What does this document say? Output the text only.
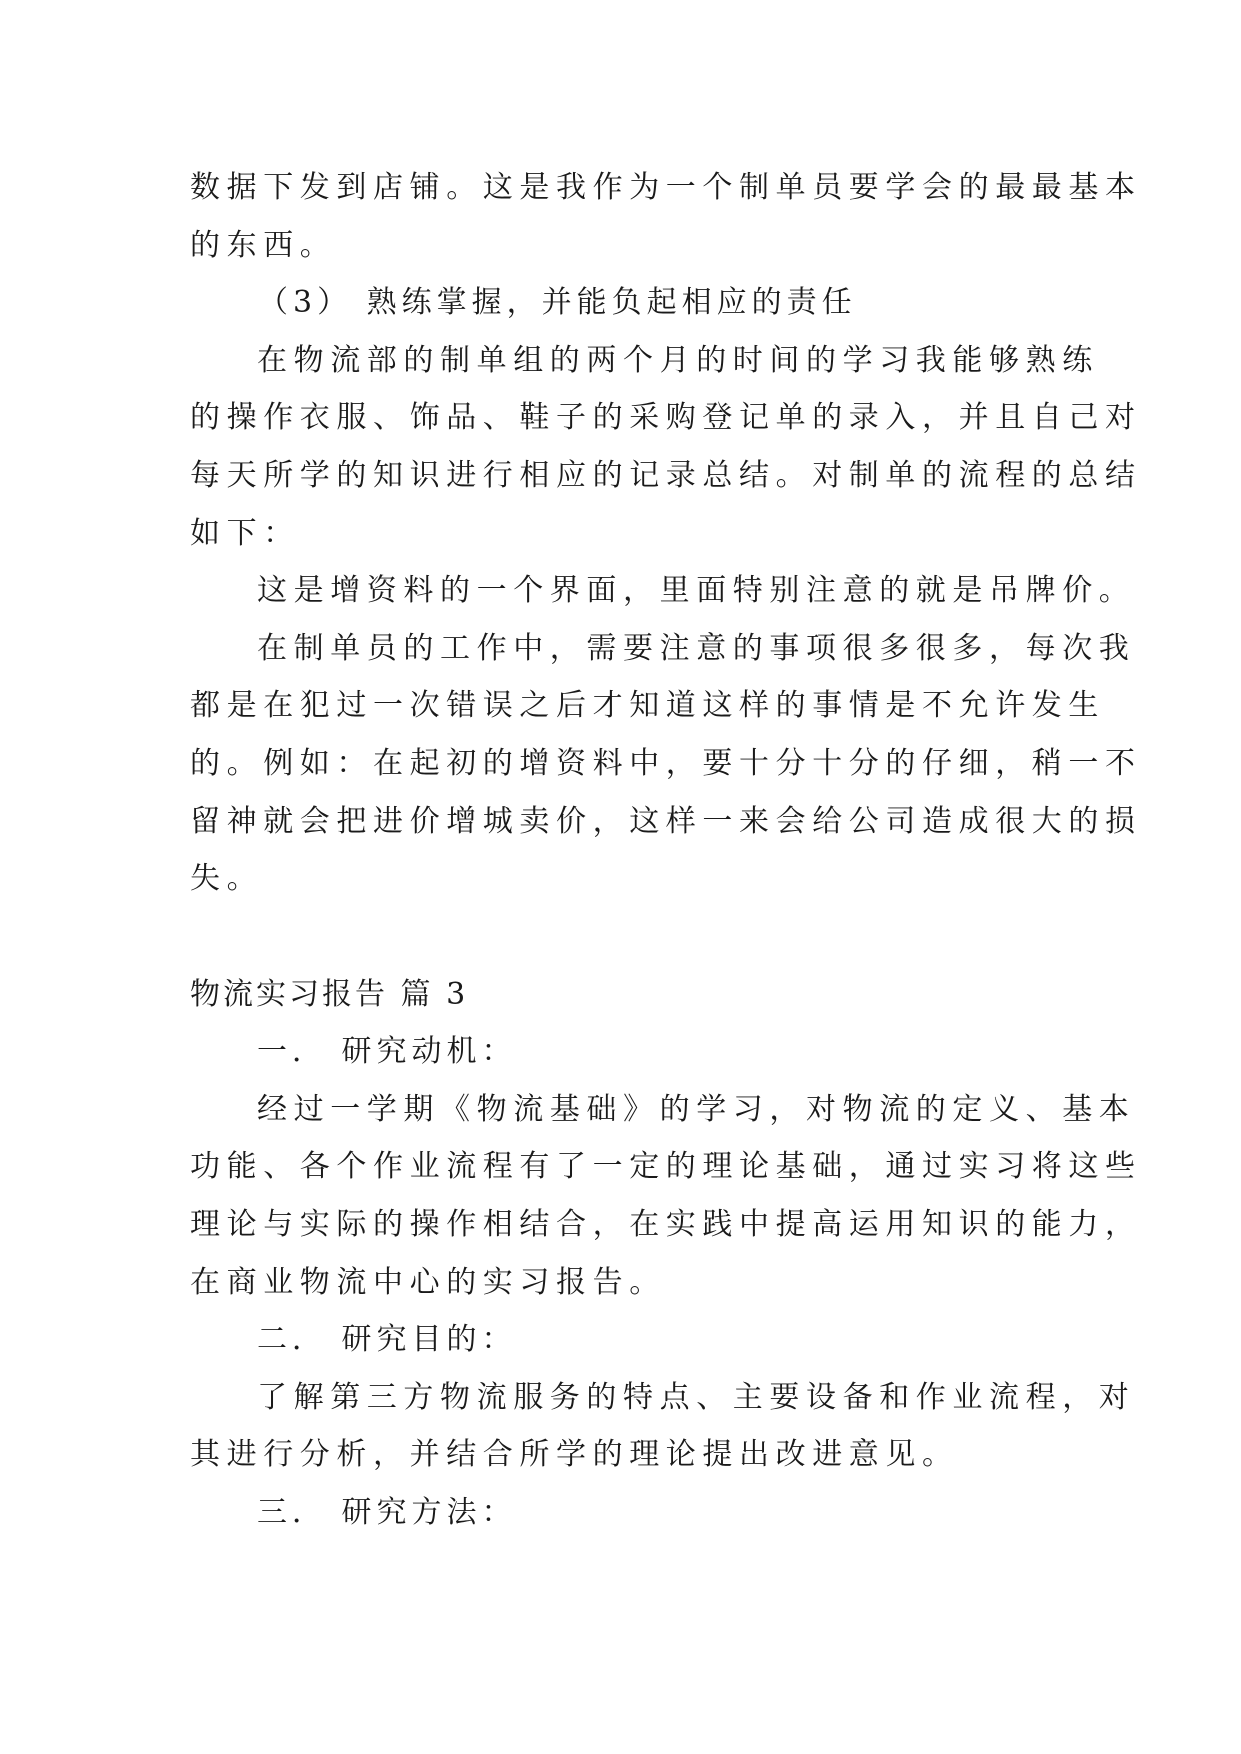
数据下发到店铺。这是我作为一个制单员要学会的最最基本
的东西。
（3） 熟练掌握，并能负起相应的责任
在物流部的制单组的两个月的时间的学习我能够熟练
的操作衣服、饰品、鞋子的采购登记单的录入，并且自己对
每天所学的知识进行相应的记录总结。对制单的流程的总结
如下：
这是增资料的一个界面，里面特别注意的就是吊牌价。
在制单员的工作中，需要注意的事项很多很多，每次我
都是在犯过一次错误之后才知道这样的事情是不允许发生
的。例如：在起初的增资料中，要十分十分的仔细，稍一不
留神就会把进价增城卖价，这样一来会给公司造成很大的损
失。
物流实习报告 篇 3
一． 研究动机：
经过一学期《物流基础》的学习，对物流的定义、基本
功能、各个作业流程有了一定的理论基础，通过实习将这些
理论与实际的操作相结合，在实践中提高运用知识的能力，
在商业物流中心的实习报告。
二． 研究目的：
了解第三方物流服务的特点、主要设备和作业流程，对
其进行分析，并结合所学的理论提出改进意见。
三． 研究方法：
